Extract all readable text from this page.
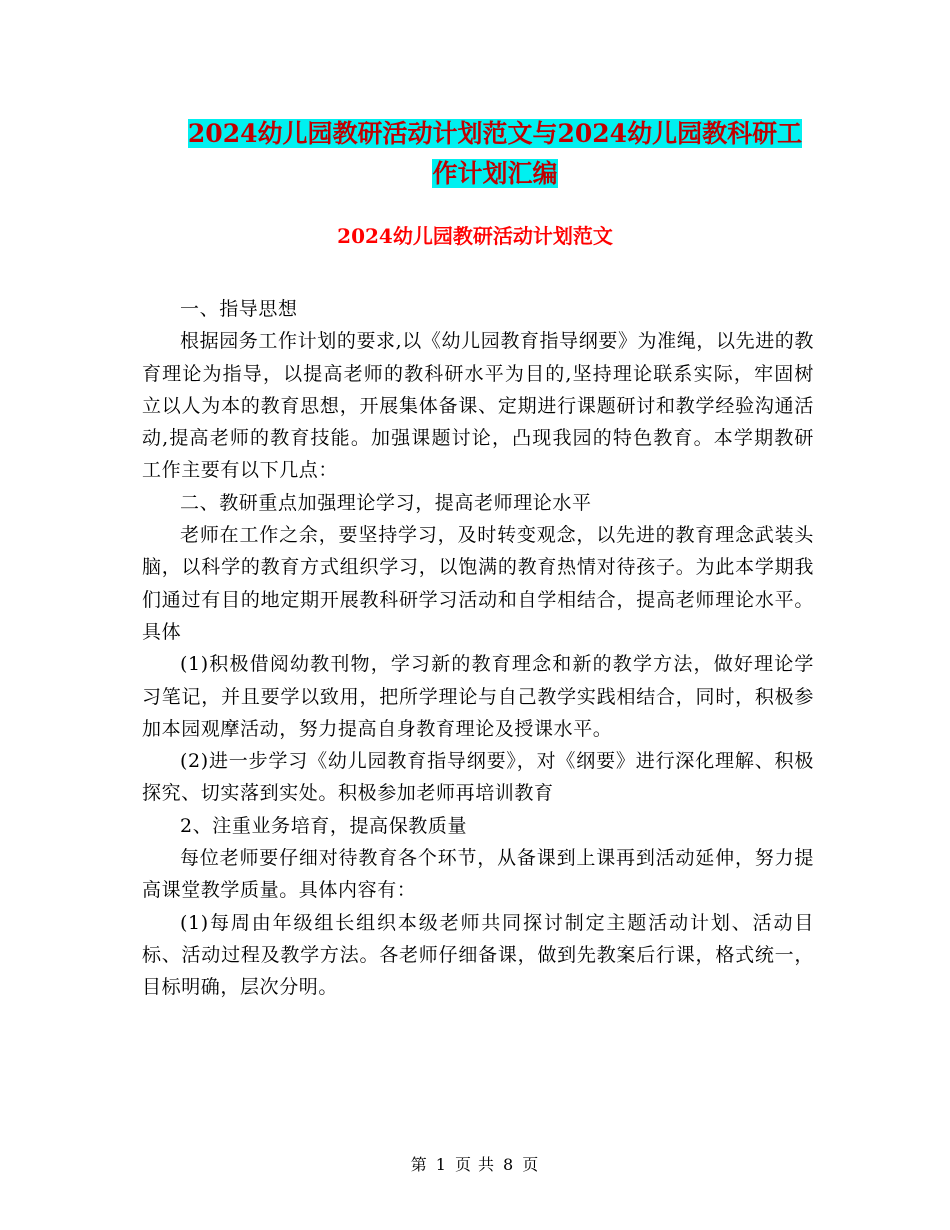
2024幼儿园教研活动计划范文与2024幼儿园教科研工
作计划汇编
2024幼儿园教研活动计划范文

一、指导思想

根据园务工作计划的要求,以《幼儿园教育指导纲要》为准绳，以先进的教育理论为指导，以提高老师的教科研水平为目的,坚持理论联系实际，牢固树立以人为本的教育思想，开展集体备课、定期进行课题研讨和教学经验沟通活动,提高老师的教育技能。加强课题讨论，凸现我园的特色教育。本学期教研工作主要有以下几点：

二、教研重点加强理论学习，提高老师理论水平

老师在工作之余，要坚持学习，及时转变观念，以先进的教育理念武装头脑，以科学的教育方式组织学习，以饱满的教育热情对待孩子。为此本学期我们通过有目的地定期开展教科研学习活动和自学相结合，提高老师理论水平。具体

(1)积极借阅幼教刊物，学习新的教育理念和新的教学方法，做好理论学习笔记，并且要学以致用，把所学理论与自己教学实践相结合，同时，积极参加本园观摩活动，努力提高自身教育理论及授课水平。

(2)进一步学习《幼儿园教育指导纲要》，对《纲要》进行深化理解、积极探究、切实落到实处。积极参加老师再培训教育

2、注重业务培育，提高保教质量

每位老师要仔细对待教育各个环节，从备课到上课再到活动延伸，努力提高课堂教学质量。具体内容有：

(1)每周由年级组长组织本级老师共同探讨制定主题活动计划、活动目标、活动过程及教学方法。各老师仔细备课，做到先教案后行课，格式统一，目标明确，层次分明。

第 1 页 共 8 页
